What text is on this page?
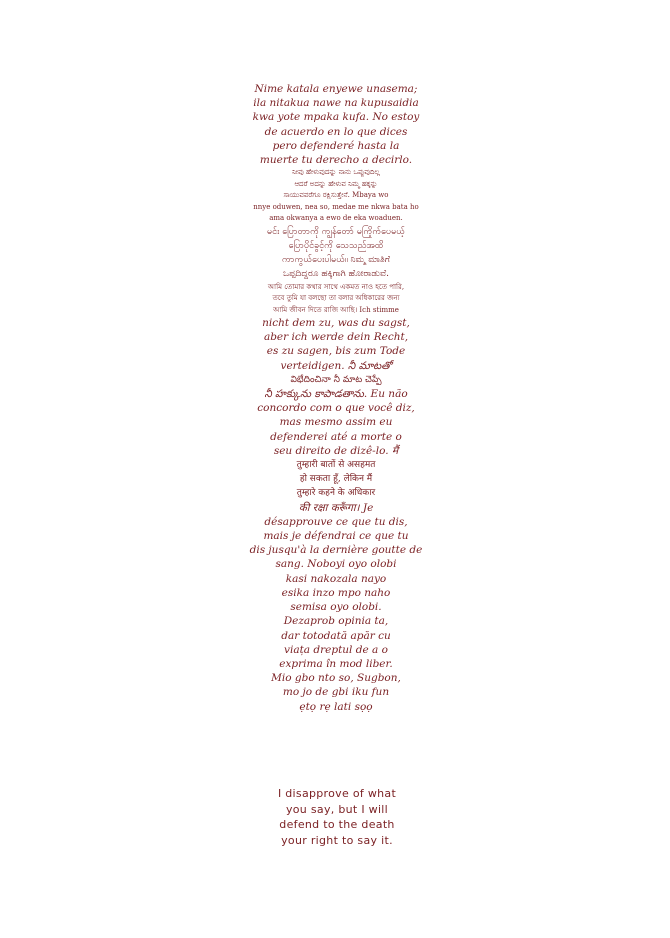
Nime katala enyewe unasema;
ila nitakua nawe na kupusaidia
kwa yote mpaka kufa. No estoy
de acuerdo en lo que dices
pero defenderé hasta la
muerte tu derecho a decirlo.
ನೀವು ಹೇಳುವುದನ್ನು ನಾನು ಒಪ್ಪುವುದಿಲ್ಲ
ಆದರೆ ಅದನ್ನು ಹೇಳುವ ನಿಮ್ಮ ಹಕ್ಕನ್ನು
ಸಾಯುವವರೆಗೂ ರಕ್ಷಿಸುತ್ತೇನೆ. Mbaya wo
nnye oduwen, nea so, medae me nkwa bata ho
ama okwanya a ewo de eka woaduen.
မင်း ပြောတာကို ကျွန်တော် မကြိုက်ပေမယ့်
ပြောပိုင်ခွင့်ကို သေသည်အထိ
ကာကွယ်ပေးပါမယ်။ ನಿಮ್ಮ ಮಾತಿಗೆ
ಒಪ್ಪದಿದ್ದರೂ ಹಕ್ಕಿಗಾಗಿ ಹೋರಾಡುವೆ.
আমি তোমার কথার সাথে একমত নাও হতে পারি,
তবে তুমি যা বলছো তা বলার অধিকারের জন্য
আমি জীবন দিতে রাজি আছি। Ich stimme
nicht dem zu, was du sagst,
aber ich werde dein Recht,
es zu sagen, bis zum Tode
verteidigen. నీ మాటతో
విభేదించినా నీ మాట చెప్పే
నీ హక్కును కాపాడతాను. Eu não
concordo com o que você diz,
mas mesmo assim eu
defenderei até a morte o
seu direito de dizê-lo. मैं
तुम्हारी बातों से असहमत
हो सकता हूँ, लेकिन मैं
तुम्हारे कहने के अधिकार
की रक्षा करूँगा। Je
désapprouve ce que tu dis,
mais je défendrai ce que tu
dis jusqu'à la dernière goutte de
sang. Noboyi oyo olobi
kasi nakozala nayo
esika inzo mpo naho
semisa oyo olobi.
Dezaprob opinia ta,
dar totodată apăr cu
viața dreptul de a o
exprima în mod liber.
Mio gbo nto so, Sugbon,
mo jo de gbi iku fun
ẹtọ rẹ lati sọọ
I disapprove of what
you say, but I will
defend to the death
your right to say it.
